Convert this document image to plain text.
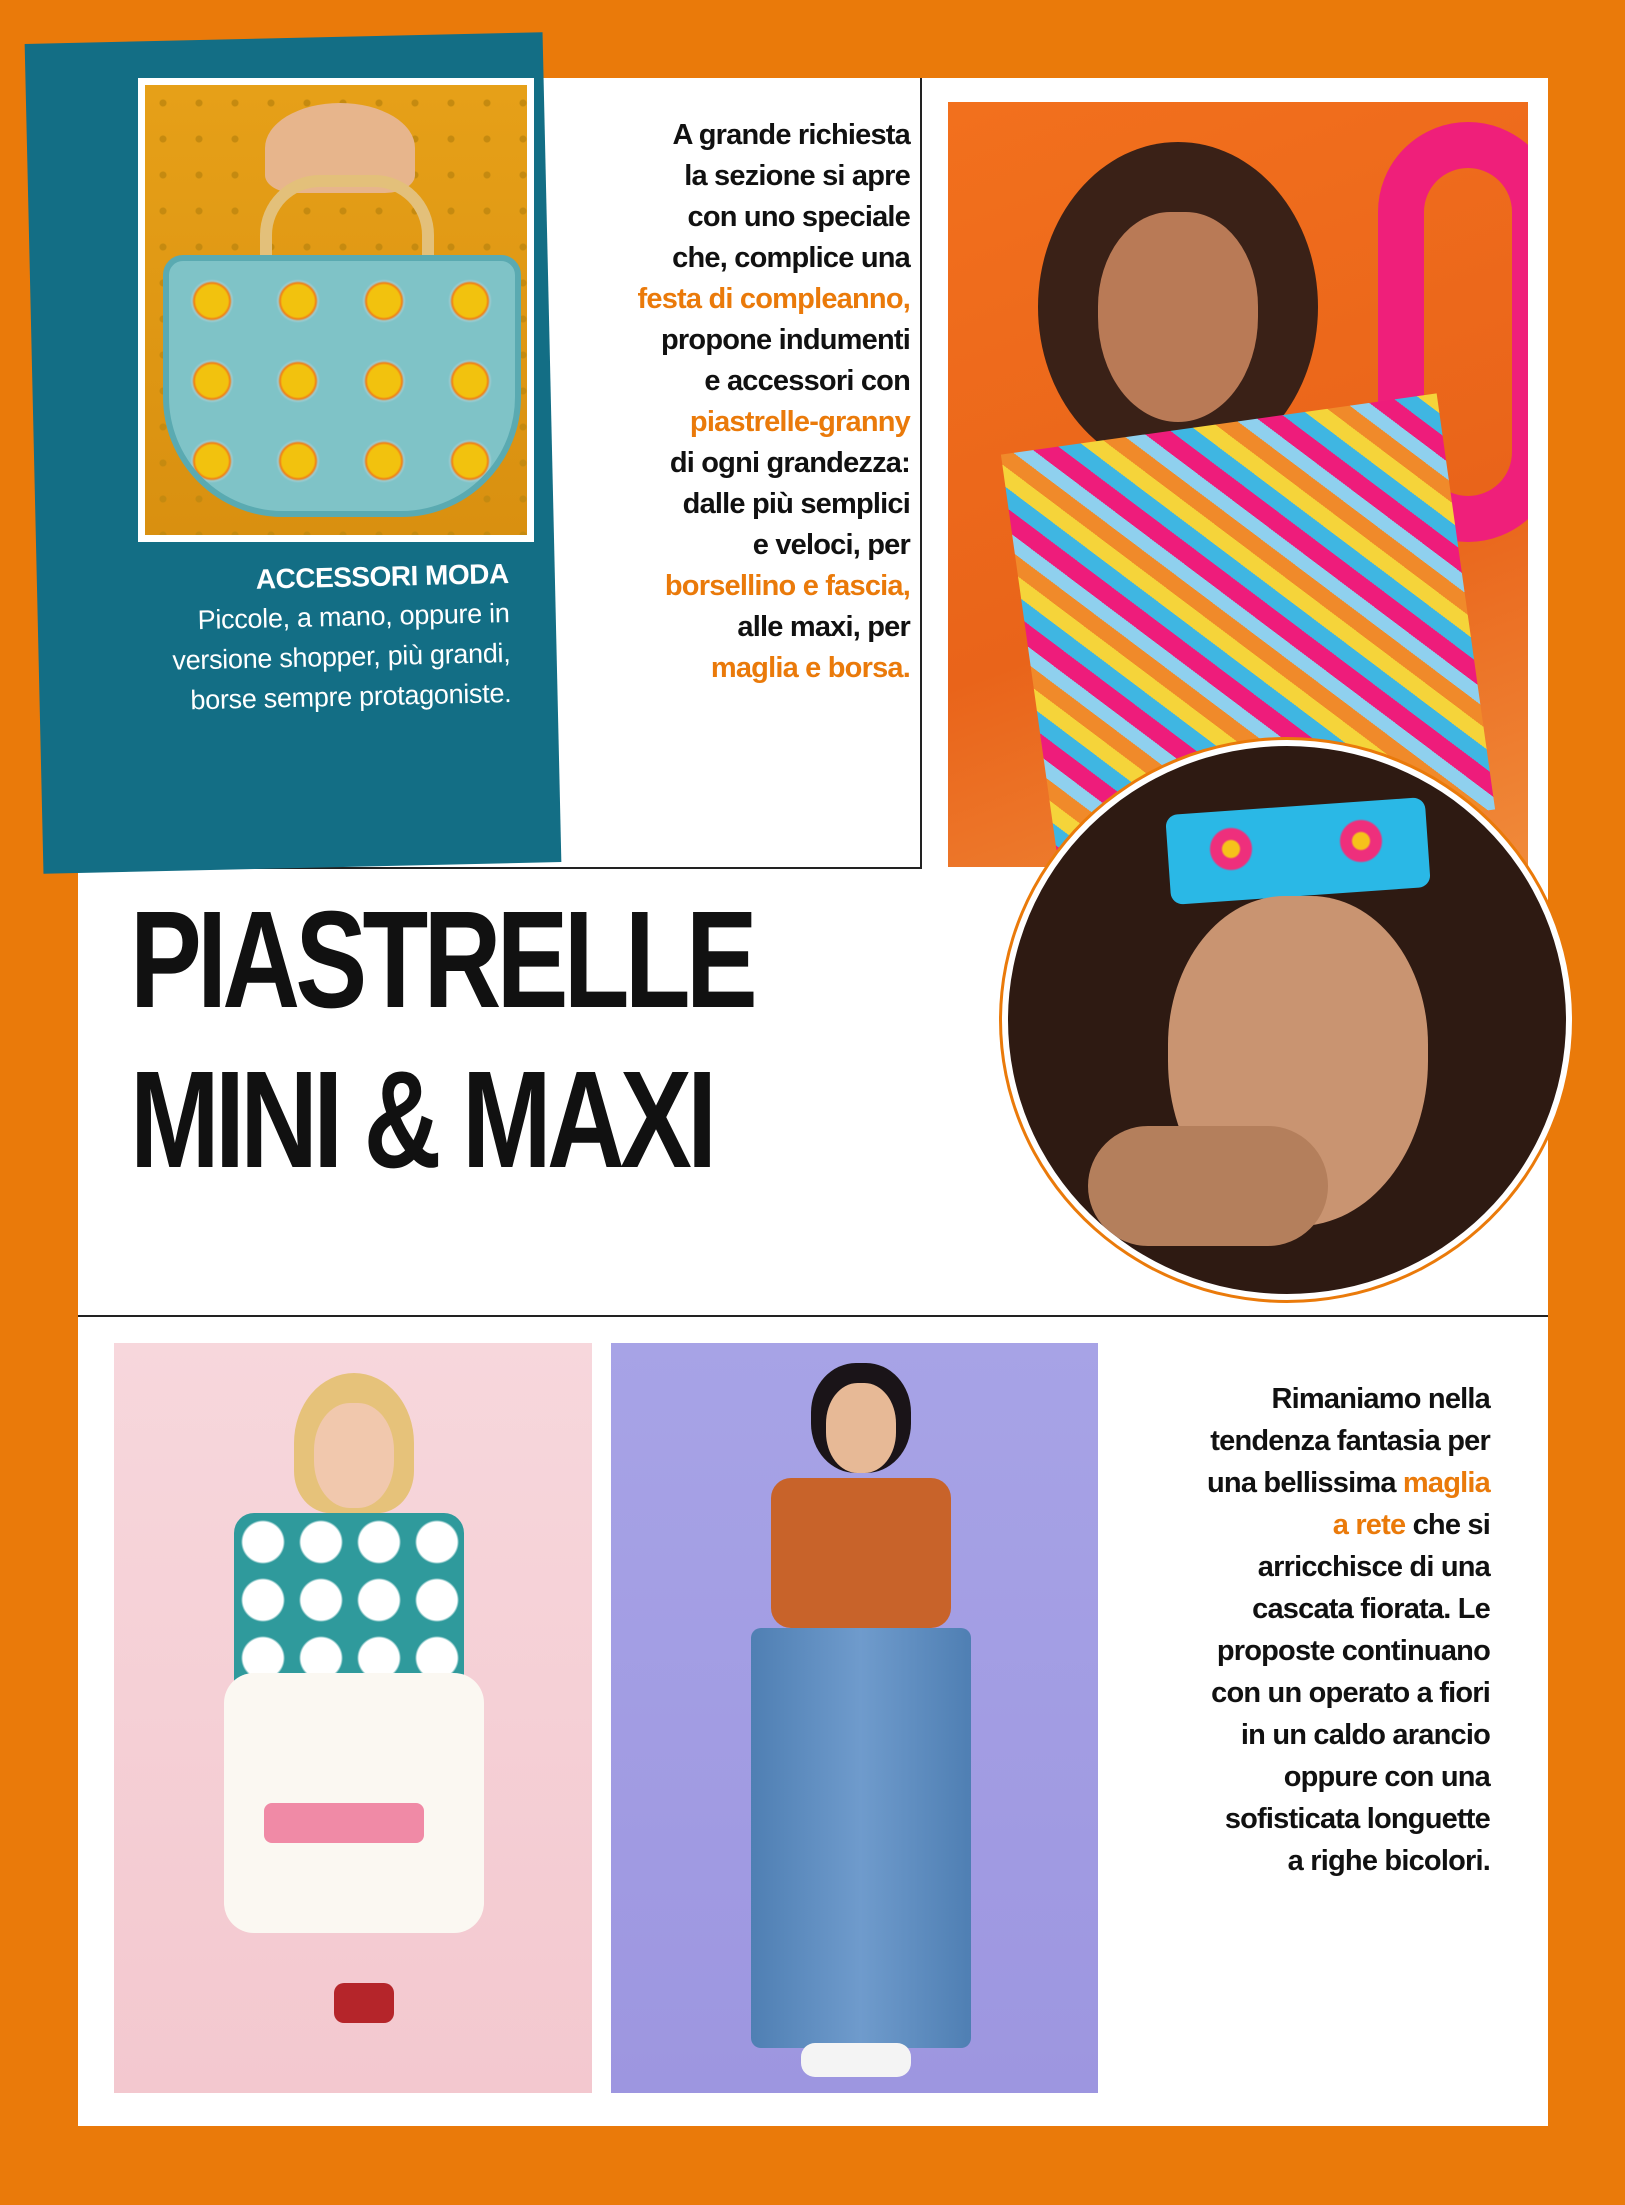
ACCESSORI MODA
Piccole, a mano, oppure in
versione shopper, più grandi,
borse sempre protagoniste.
A grande richiesta
la sezione si apre
con uno speciale
che, complice una
festa di compleanno,
propone indumenti
e accessori con
piastrelle-granny
di ogni grandezza:
dalle più semplici
e veloci, per
borsellino e fascia,
alle maxi, per
maglia e borsa.
PIASTRELLE
MINI & MAXI
Rimaniamo nella
tendenza fantasia per
una bellissima maglia
a rete che si
arricchisce di una
cascata fiorata. Le
proposte continuano
con un operato a fiori
in un caldo arancio
oppure con una
sofisticata longuette
a righe bicolori.
